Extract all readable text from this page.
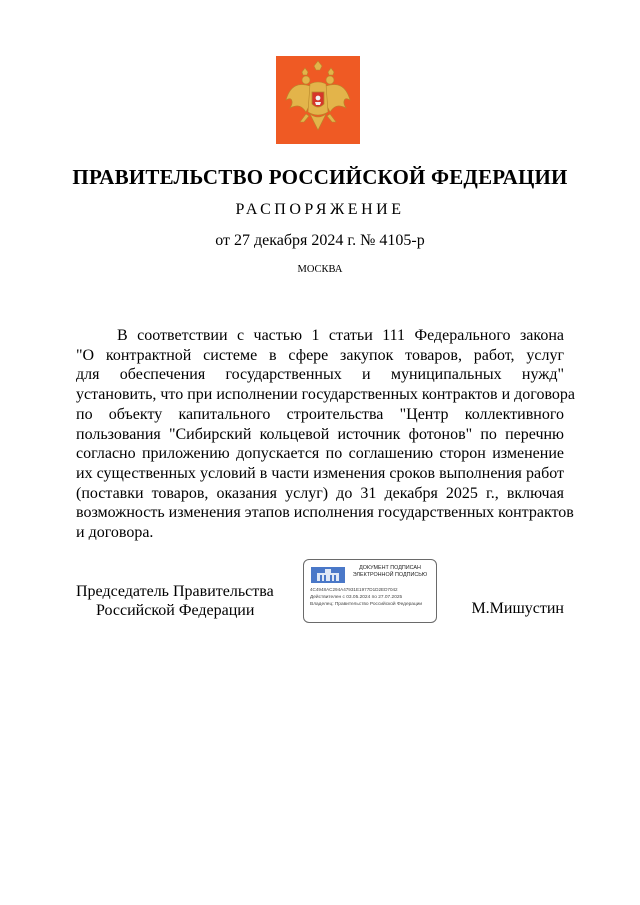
ПРАВИТЕЛЬСТВО РОССИЙСКОЙ ФЕДЕРАЦИИ
РАСПОРЯЖЕНИЕ
от 27 декабря 2024 г. № 4105-р
МОСКВА
В соответствии с частью 1 статьи 111 Федерального закона
"О контрактной системе в сфере закупок товаров, работ, услуг
для обеспечения государственных и муниципальных нужд"
установить, что при исполнении государственных контрактов и договора
по объекту капитального строительства "Центр коллективного
пользования "Сибирский кольцевой источник фотонов" по перечню
согласно приложению допускается по соглашению сторон изменение
их существенных условий в части изменения сроков выполнения работ
(поставки товаров, оказания услуг) до 31 декабря 2025 г., включая
возможность изменения этапов исполнения государственных контрактов
и договора.
Председатель Правительства
Российской Федерации
ДОКУМЕНТ ПОДПИСАН
ЭЛЕКТРОННОЙ ПОДПИСЬЮ
4C4948AC294A47931E1977D1D2ED7042
Действителен с 03.05.2024 по 27.07.2025
Владелец: Правительство Российской Федерации	М.Мишустин
